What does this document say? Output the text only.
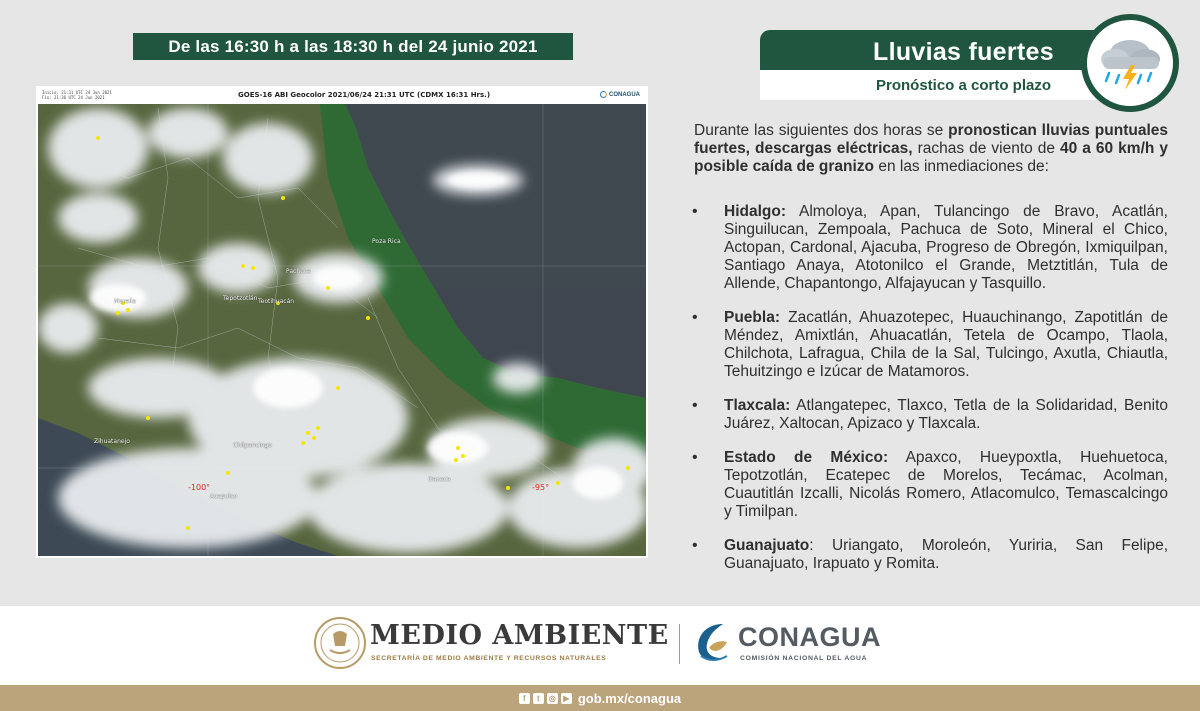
De las 16:30 h a las 18:30 h del 24 junio 2021
Inicio: 21:31 UTC 24 Jun 2021
Fin: 21:36 UTC 24 Jun 2021	GOES-16 ABI Geocolor 2021/06/24 21:31 UTC (CDMX 16:31 Hrs.)	CONAGUA
Pachuca
Morelia	Tepotzotlán
Poza Rica
Chilpancingo
Acapulco
Oaxaca
Zihuatanejo
Teotihuacán
-100°	-95°
Lluvias fuertes
Pronóstico a corto plazo
Durante las siguientes dos horas se pronostican lluvias puntuales fuertes, descargas eléctricas, rachas de viento de 40 a 60 km/h y posible caída de granizo en las inmediaciones de:
• Hidalgo: Almoloya, Apan, Tulancingo de Bravo, Acatlán, Singuilucan, Zempoala, Pachuca de Soto, Mineral el Chico, Actopan, Cardonal, Ajacuba, Progreso de Obregón, Ixmiquilpan, Santiago Anaya, Atotonilco el Grande, Metztitlán, Tula de Allende, Chapantongo, Alfajayucan y Tasquillo.
• Puebla: Zacatlán, Ahuazotepec, Huauchinango, Zapotitlán de Méndez, Amixtlán, Ahuacatlán, Tetela de Ocampo, Tlaola, Chilchota, Lafragua, Chila de la Sal, Tulcingo, Axutla, Chiautla, Tehuitzingo e Izúcar de Matamoros.
• Tlaxcala: Atlangatepec, Tlaxco, Tetla de la Solidaridad, Benito Juárez, Xaltocan, Apizaco y Tlaxcala.
• Estado de México: Apaxco, Hueypoxtla, Huehuetoca, Tepotzotlán, Ecatepec de Morelos, Tecámac, Acolman, Cuautitlán Izcalli, Nicolás Romero, Atlacomulco, Temascalcingo y Timilpan.
• Guanajuato: Uriangato, Moroleón, Yuriria, San Felipe, Guanajuato, Irapuato y Romita.
MEDIO AMBIENTE
SECRETARÍA DE MEDIO AMBIENTE Y RECURSOS NATURALES
CONAGUA
COMISIÓN NACIONAL DEL AGUA
f	t	◎ ▶ gob.mx/conagua
